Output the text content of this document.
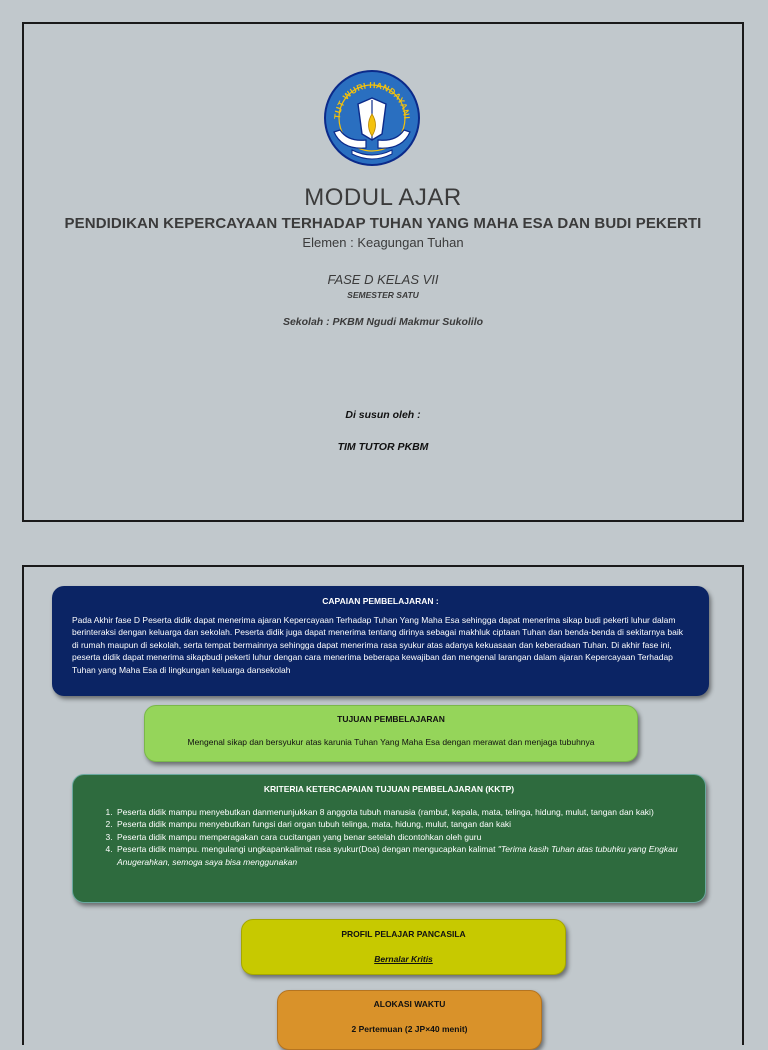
TUT WURI HANDAYANI
MODUL AJAR
PENDIDIKAN KEPERCAYAAN TERHADAP TUHAN YANG MAHA ESA DAN BUDI PEKERTI
Elemen : Keagungan Tuhan
FASE D KELAS VII
SEMESTER SATU
Sekolah : PKBM Ngudi Makmur Sukolilo
Di susun oleh :
TIM TUTOR PKBM
CAPAIAN PEMBELAJARAN :

Pada Akhir fase D Peserta didik dapat menerima ajaran Kepercayaan Terhadap Tuhan Yang Maha Esa sehingga dapat menerima sikap budi pekerti luhur dalam berinteraksi dengan keluarga dan sekolah. Peserta didik juga dapat menerima tentang dirinya sebagai makhluk ciptaan Tuhan dan benda-benda di sekitarnya baik di rumah maupun di sekolah, serta tempat bermainnya sehingga dapat menerima rasa syukur atas adanya kekuasaan dan keberadaan Tuhan. Di akhir fase ini, peserta didik dapat menerima sikapbudi pekerti luhur dengan cara menerima beberapa kewajiban dan mengenal larangan dalam ajaran Kepercayaan Terhadap Tuhan yang Maha Esa di lingkungan keluarga dansekolah

TUJUAN PEMBELAJARAN

Mengenal sikap dan bersyukur atas karunia Tuhan Yang Maha Esa dengan merawat dan menjaga tubuhnya

KRITERIA KETERCAPAIAN TUJUAN PEMBELAJARAN (KKTP)
1. Peserta didik mampu menyebutkan danmenunjukkan 8 anggota tubuh manusia (rambut, kepala, mata, telinga, hidung, mulut, tangan dan kaki)
2. Peserta didik mampu menyebutkan fungsi dari organ tubuh telinga, mata, hidung, mulut, tangan dan kaki
3. Peserta didik mampu memperagakan cara cucitangan yang benar setelah dicontohkan oleh guru
4. Peserta didik mampu. mengulangi ungkapankalimat rasa syukur(Doa) dengan mengucapkan kalimat "Terima kasih Tuhan atas tubuhku yang Engkau Anugerahkan, semoga saya bisa menggunakan
PROFIL PELAJAR PANCASILA

Bernalar Kritis

ALOKASI WAKTU

2 Pertemuan (2 JP×40 menit)
